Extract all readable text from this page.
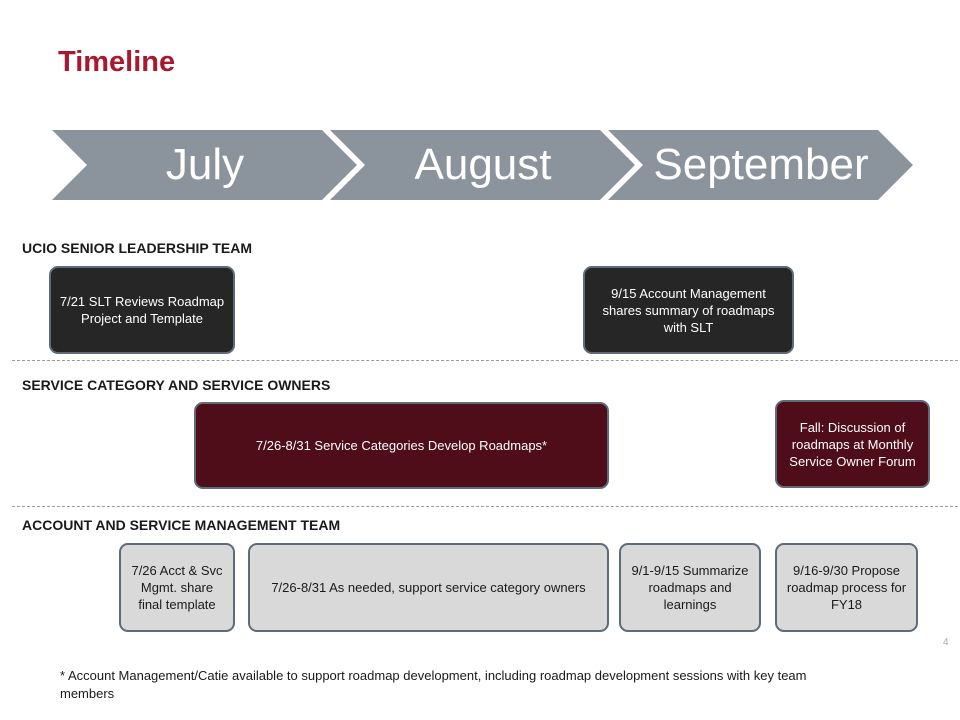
Timeline
July	August	September
UCIO SENIOR LEADERSHIP TEAM
7/21 SLT Reviews Roadmap Project and Template
9/15 Account Management shares summary of roadmaps with SLT
SERVICE CATEGORY AND SERVICE OWNERS
7/26-8/31 Service Categories Develop Roadmaps*
Fall: Discussion of roadmaps at Monthly Service Owner Forum
ACCOUNT AND SERVICE MANAGEMENT TEAM
7/26 Acct & Svc Mgmt. share final template
7/26-8/31 As needed, support service category owners
9/1-9/15 Summarize roadmaps and learnings
9/16-9/30 Propose roadmap process for FY18
4
* Account Management/Catie available to support roadmap development, including roadmap development sessions with key team members
